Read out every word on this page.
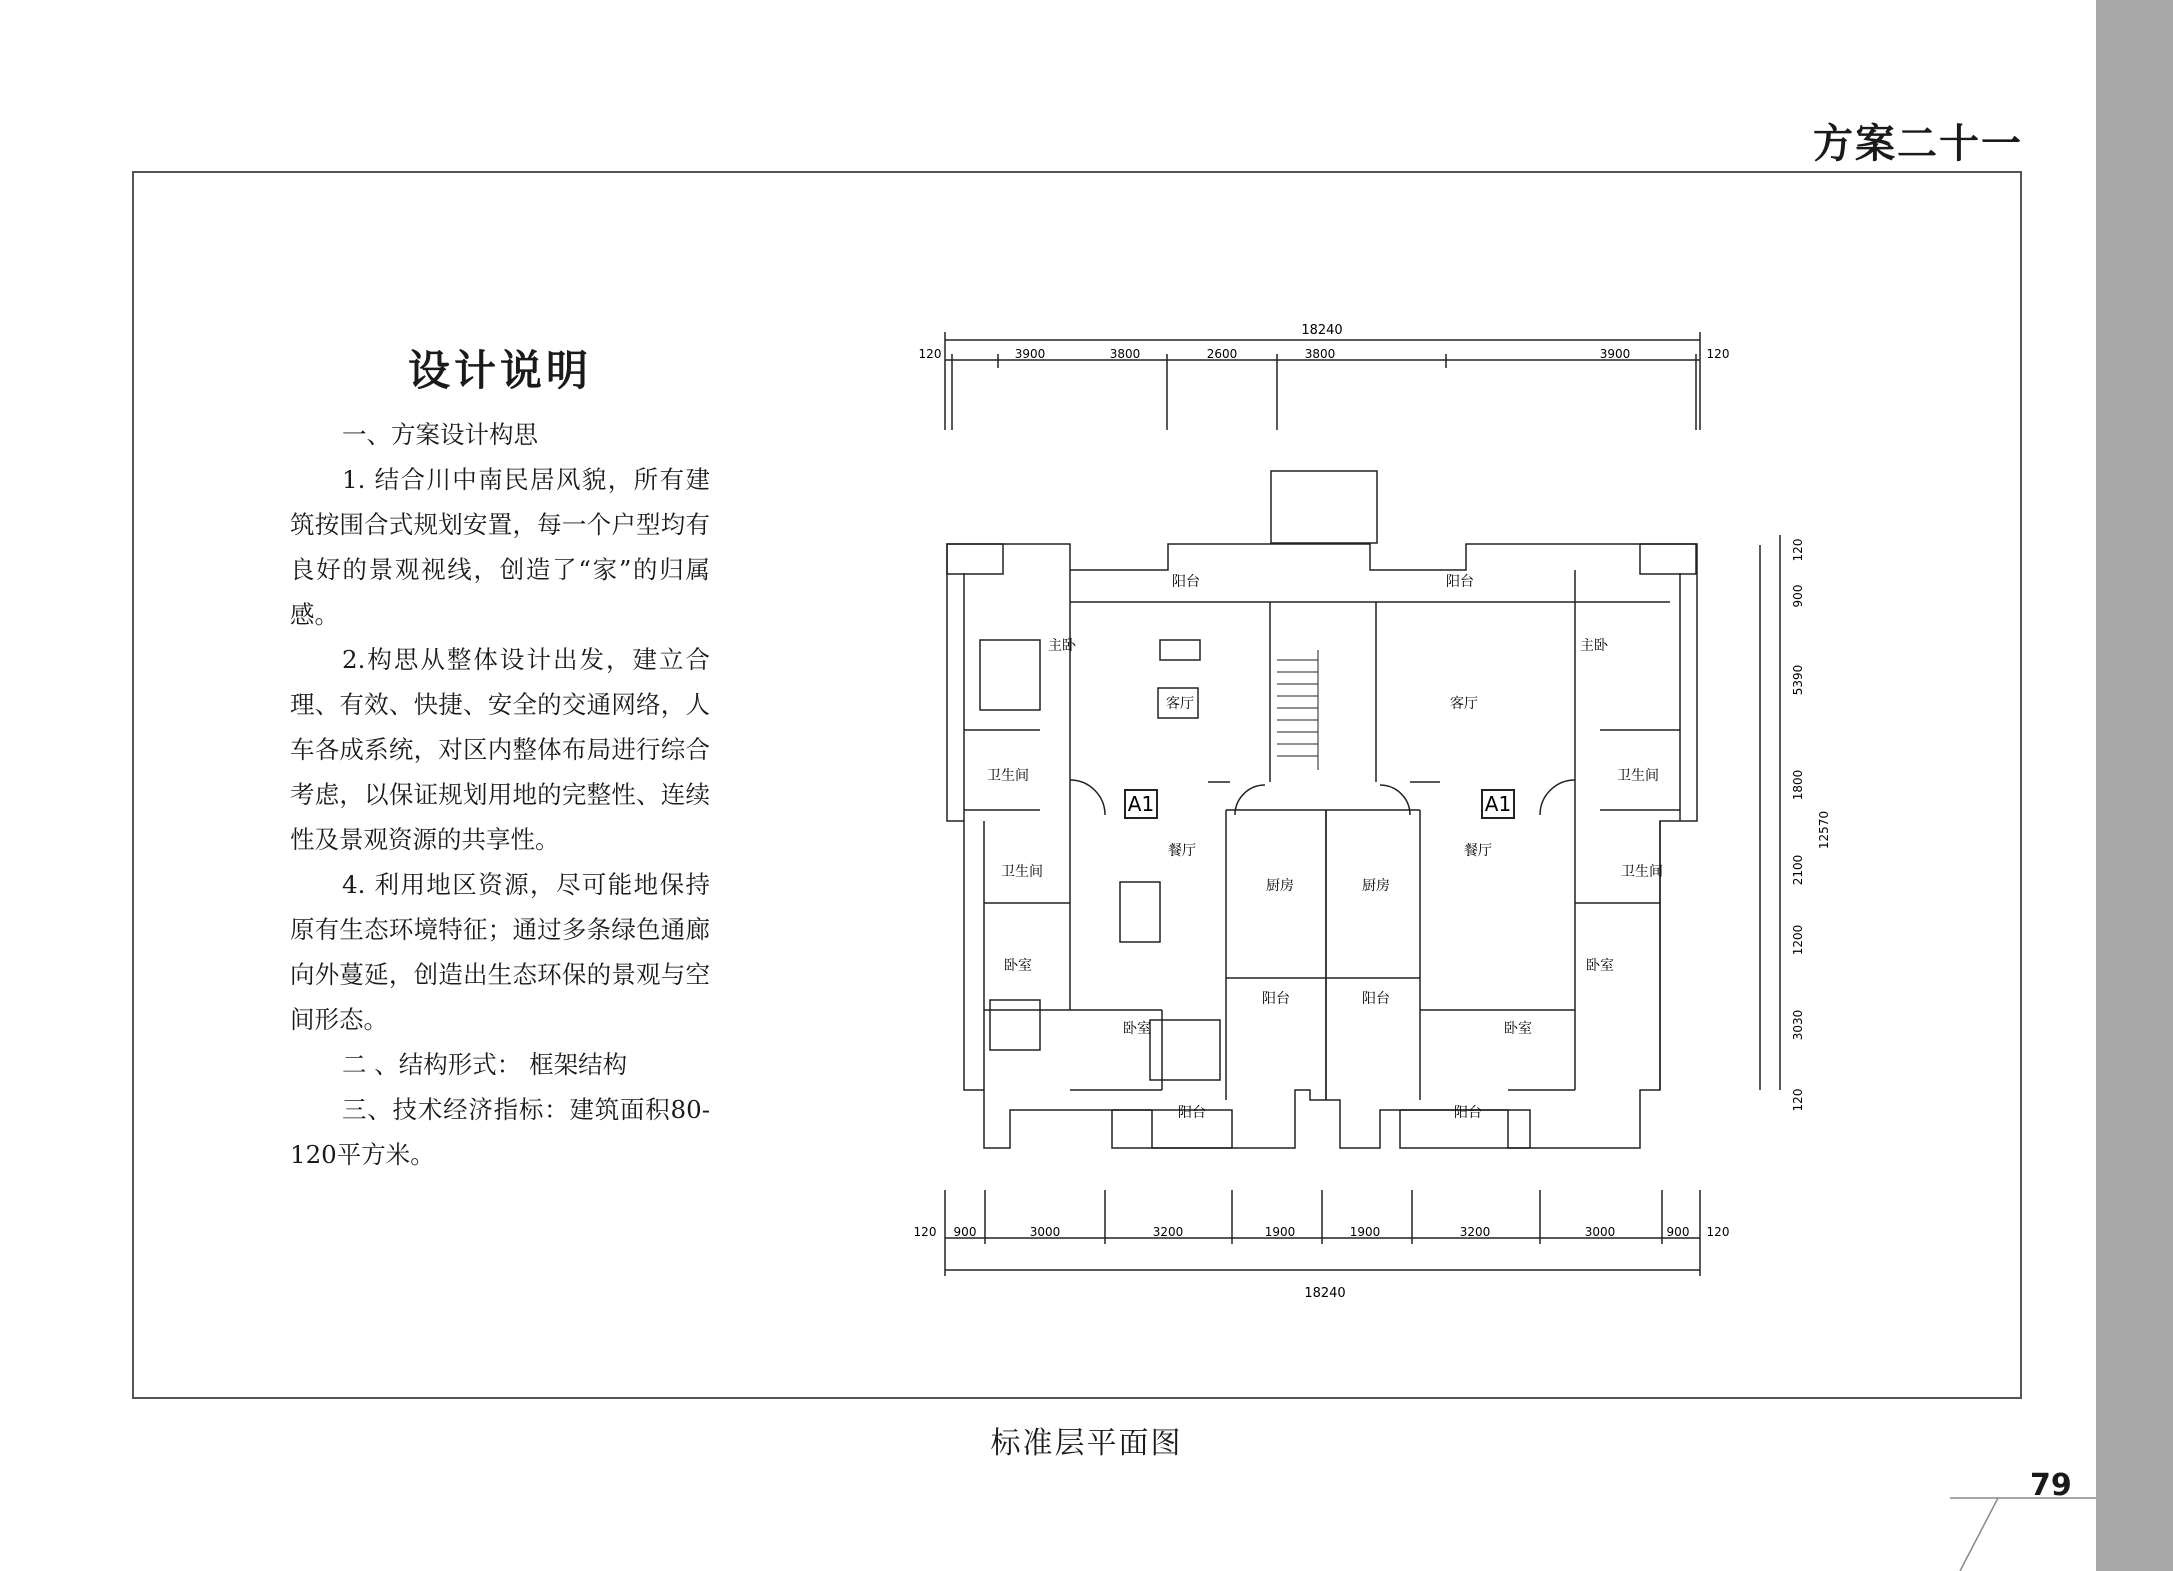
方案二十一
设计说明

一、方案设计构思

1. 结合川中南民居风貌，所有建筑按围合式规划安置，每一个户型均有良好的景观视线，创造了“家”的归属感。

2.构思从整体设计出发，建立合理、有效、快捷、安全的交通网络，人车各成系统，对区内整体布局进行综合考虑，以保证规划用地的完整性、连续性及景观资源的共享性。

4. 利用地区资源，尽可能地保持原有生态环境特征；通过多条绿色通廊向外蔓延，创造出生态环保的景观与空间形态。

二 、结构形式： 框架结构

三、技术经济指标：建筑面积80-120平方米。

A1	A1
18240
18240
120	3900	3800	2600	3800	3900	120
120 900	3000	3200	1900	1900	3200	3000	900 120
120
900
5390
1800
2100
1200
3030
120
12570
阳台	阳台
主卧	主卧
客厅	客厅
卫生间	卫生间
卫生间	卫生间
餐厅	餐厅
厨房	厨房
卧室	卧室
卧室	卧室
阳台	阳台
阳台	阳台
标准层平面图
79
